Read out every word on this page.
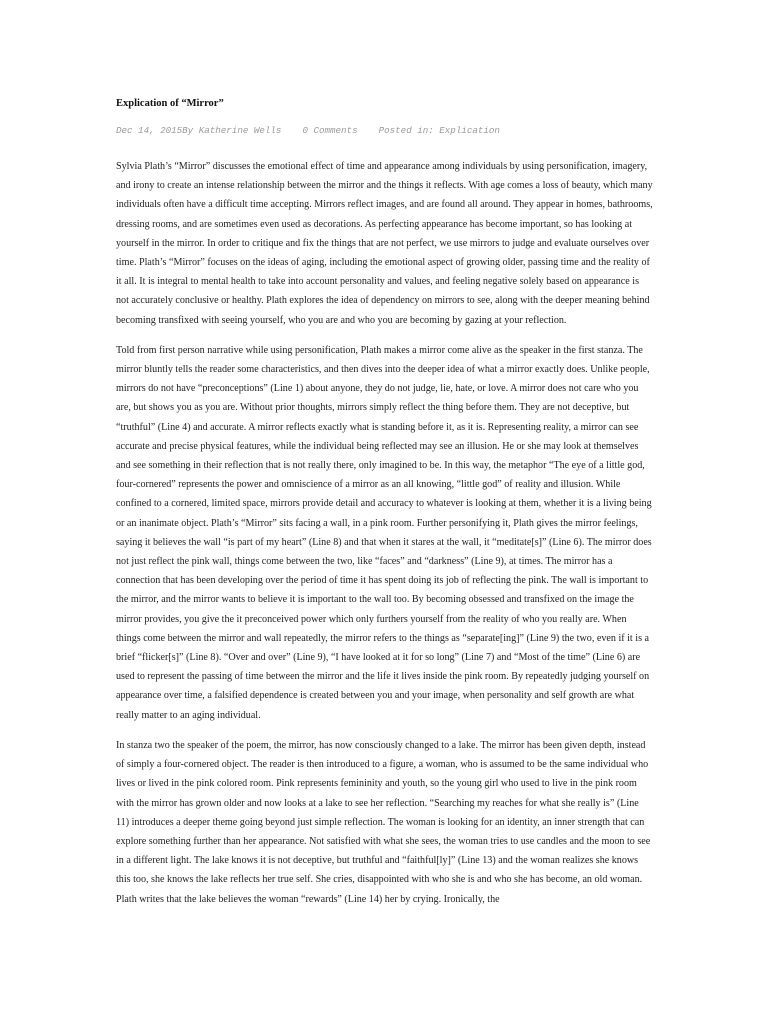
Explication of “Mirror”
Dec 14, 2015By Katherine Wells 0 Comments Posted in: Explication

Sylvia Plath’s “Mirror” discusses the emotional effect of time and appearance among individuals by using personification, imagery, and irony to create an intense relationship between the mirror and the things it reflects. With age comes a loss of beauty, which many individuals often have a difficult time accepting. Mirrors reflect images, and are found all around. They appear in homes, bathrooms, dressing rooms, and are sometimes even used as decorations. As perfecting appearance has become important, so has looking at yourself in the mirror. In order to critique and fix the things that are not perfect, we use mirrors to judge and evaluate ourselves over time. Plath’s “Mirror” focuses on the ideas of aging, including the emotional aspect of growing older, passing time and the reality of it all. It is integral to mental health to take into account personality and values, and feeling negative solely based on appearance is not accurately conclusive or healthy. Plath explores the idea of dependency on mirrors to see, along with the deeper meaning behind becoming transfixed with seeing yourself, who you are and who you are becoming by gazing at your reflection.

Told from first person narrative while using personification, Plath makes a mirror come alive as the speaker in the first stanza. The mirror bluntly tells the reader some characteristics, and then dives into the deeper idea of what a mirror exactly does. Unlike people, mirrors do not have “preconceptions” (Line 1) about anyone, they do not judge, lie, hate, or love. A mirror does not care who you are, but shows you as you are. Without prior thoughts, mirrors simply reflect the thing before them. They are not deceptive, but “truthful” (Line 4) and accurate. A mirror reflects exactly what is standing before it, as it is. Representing reality, a mirror can see accurate and precise physical features, while the individual being reflected may see an illusion. He or she may look at themselves and see something in their reflection that is not really there, only imagined to be. In this way, the metaphor “The eye of a little god, four-cornered” represents the power and omniscience of a mirror as an all knowing, “little god” of reality and illusion. While confined to a cornered, limited space, mirrors provide detail and accuracy to whatever is looking at them, whether it is a living being or an inanimate object. Plath’s “Mirror” sits facing a wall, in a pink room. Further personifying it, Plath gives the mirror feelings, saying it believes the wall “is part of my heart” (Line 8) and that when it stares at the wall, it “meditate[s]” (Line 6). The mirror does not just reflect the pink wall, things come between the two, like “faces” and “darkness” (Line 9), at times. The mirror has a connection that has been developing over the period of time it has spent doing its job of reflecting the pink. The wall is important to the mirror, and the mirror wants to believe it is important to the wall too. By becoming obsessed and transfixed on the image the mirror provides, you give the it preconceived power which only furthers yourself from the reality of who you really are. When things come between the mirror and wall repeatedly, the mirror refers to the things as “separate[ing]” (Line 9) the two, even if it is a brief “flicker[s]” (Line 8). “Over and over” (Line 9), “I have looked at it for so long” (Line 7) and “Most of the time” (Line 6) are used to represent the passing of time between the mirror and the life it lives inside the pink room. By repeatedly judging yourself on appearance over time, a falsified dependence is created between you and your image, when personality and self growth are what really matter to an aging individual.

In stanza two the speaker of the poem, the mirror, has now consciously changed to a lake. The mirror has been given depth, instead of simply a four-cornered object. The reader is then introduced to a figure, a woman, who is assumed to be the same individual who lives or lived in the pink colored room. Pink represents femininity and youth, so the young girl who used to live in the pink room with the mirror has grown older and now looks at a lake to see her reflection. “Searching my reaches for what she really is” (Line 11) introduces a deeper theme going beyond just simple reflection. The woman is looking for an identity, an inner strength that can explore something further than her appearance. Not satisfied with what she sees, the woman tries to use candles and the moon to see in a different light. The lake knows it is not deceptive, but truthful and “faithful[ly]” (Line 13) and the woman realizes she knows this too, she knows the lake reflects her true self. She cries, disappointed with who she is and who she has become, an old woman. Plath writes that the lake believes the woman “rewards” (Line 14) her by crying. Ironically, the
